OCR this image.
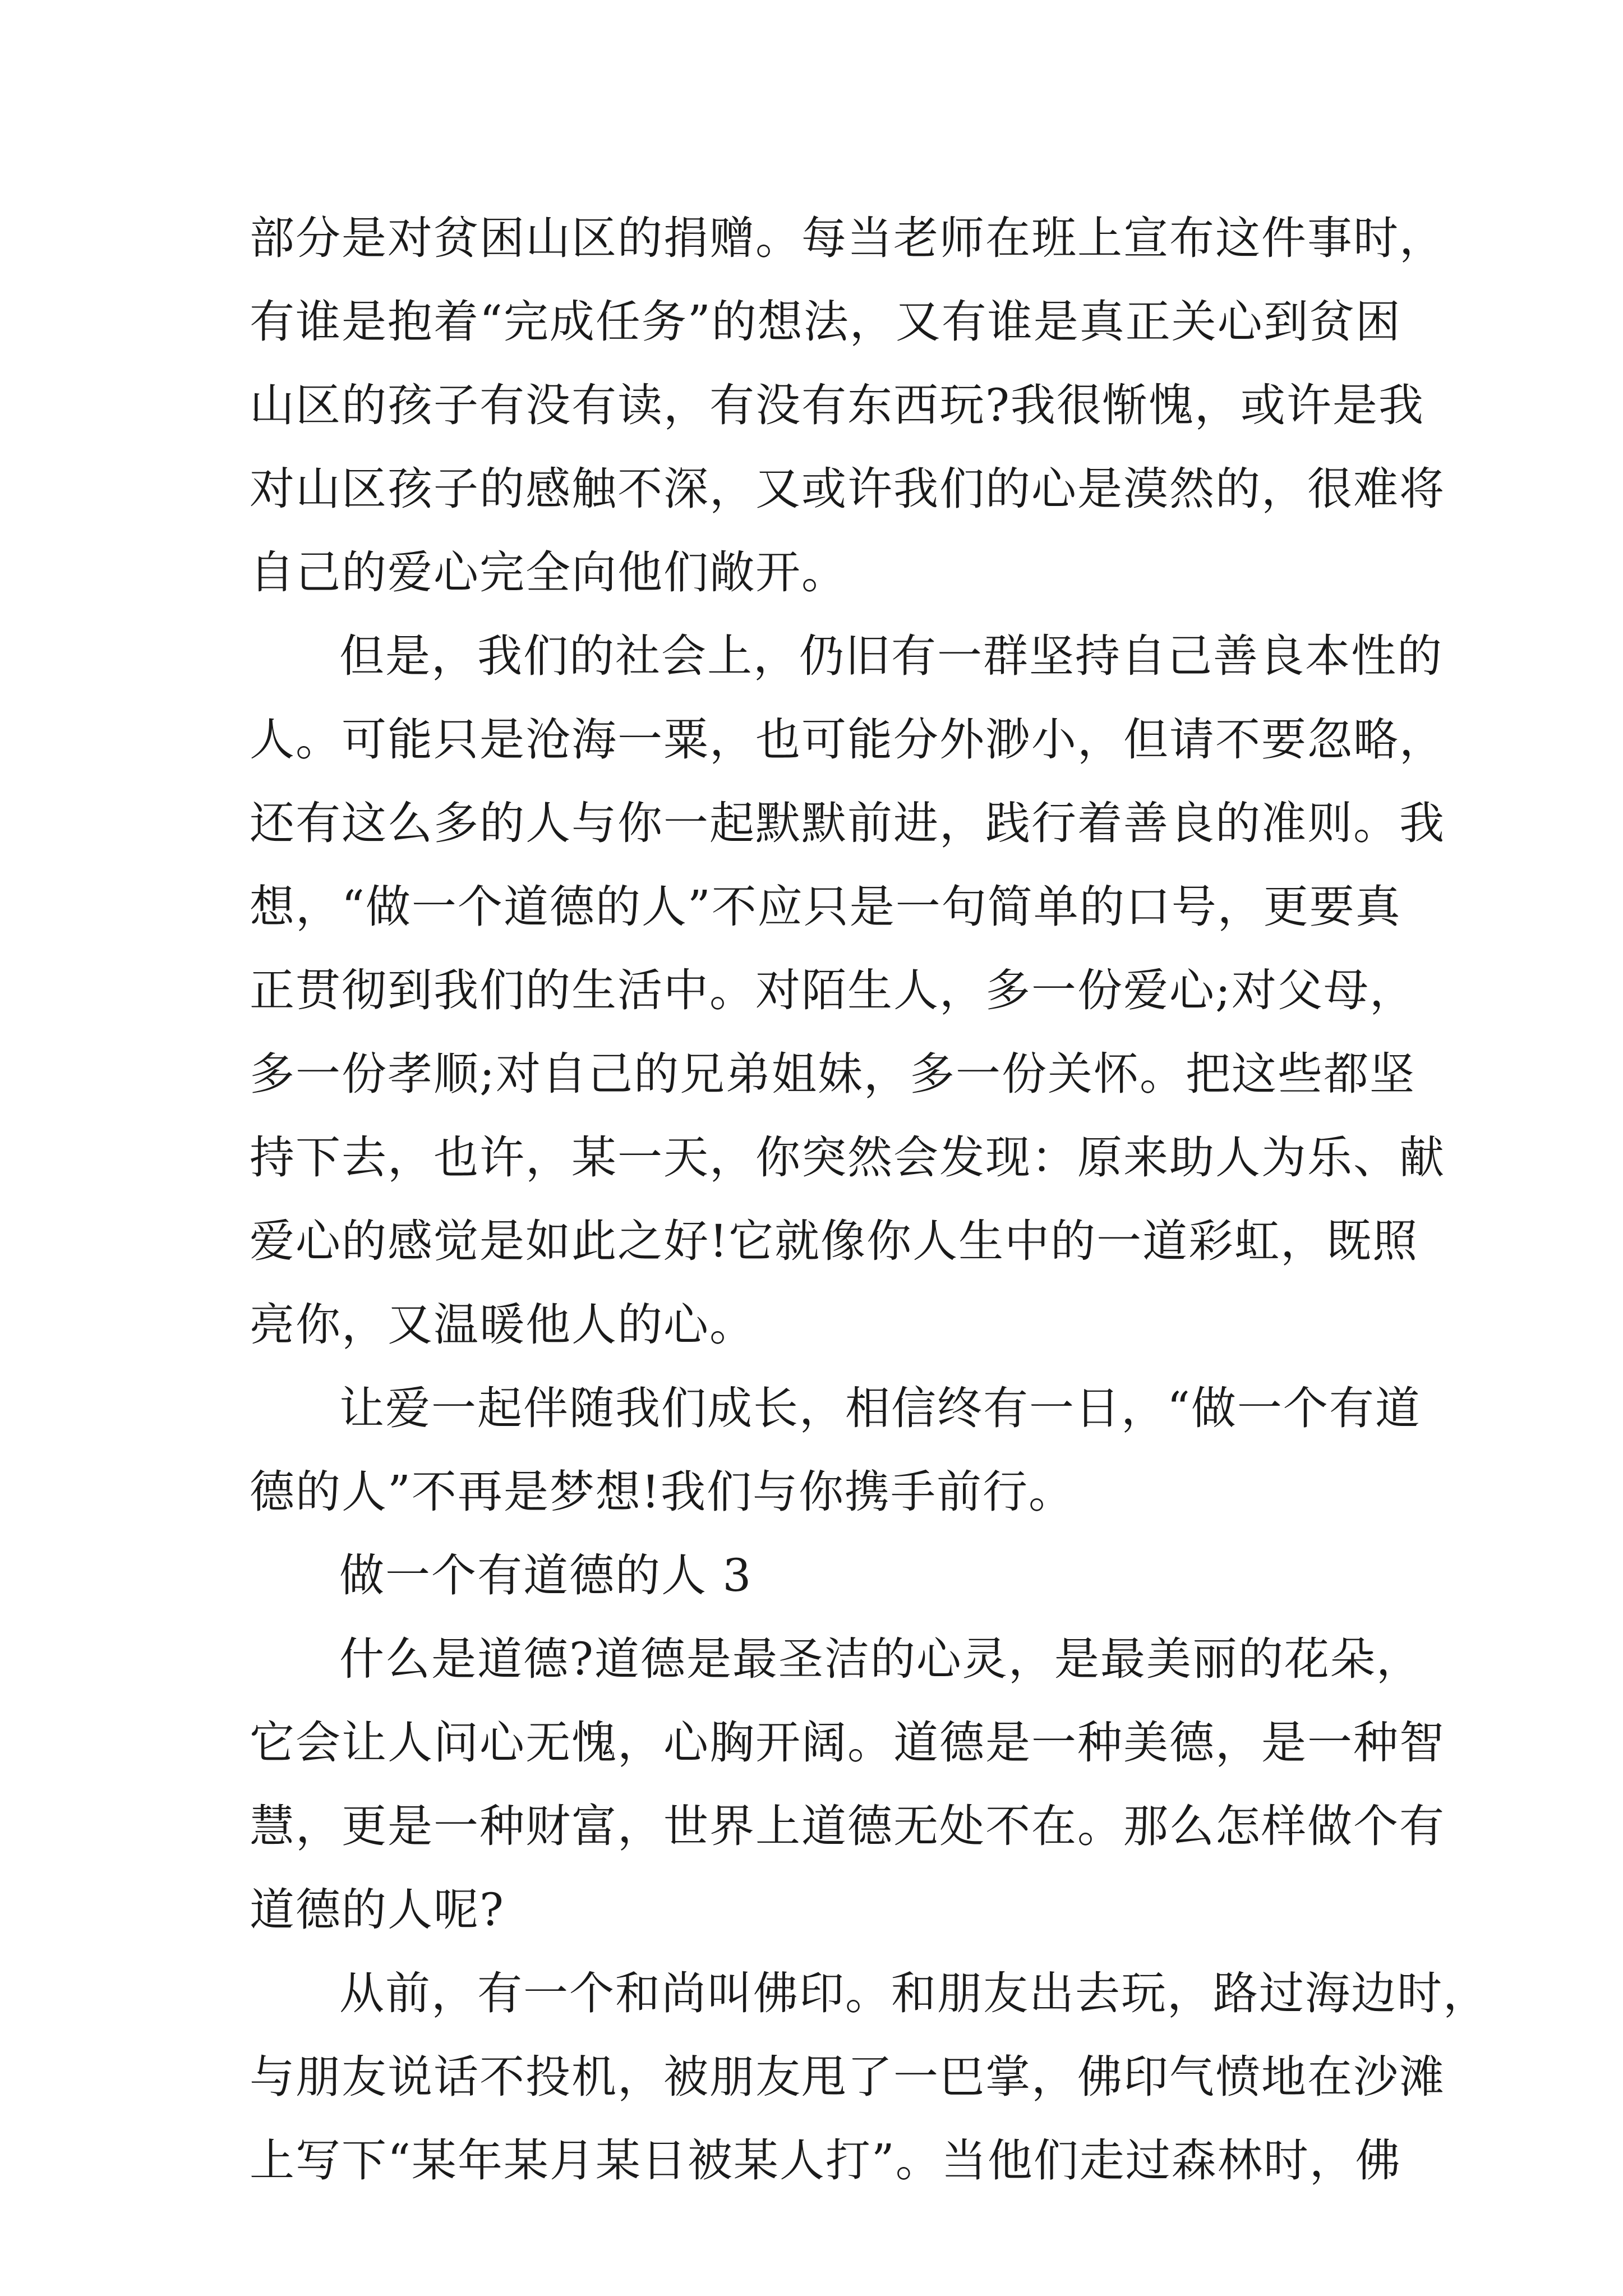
部分是对贫困山区的捐赠。每当老师在班上宣布这件事时，
有谁是抱着“完成任务”的想法，又有谁是真正关心到贫困
山区的孩子有没有读，有没有东西玩?我很惭愧，或许是我
对山区孩子的感触不深，又或许我们的心是漠然的，很难将
自己的爱心完全向他们敞开。
但是，我们的社会上，仍旧有一群坚持自己善良本性的
人。可能只是沧海一粟，也可能分外渺小，但请不要忽略，
还有这么多的人与你一起默默前进，践行着善良的准则。我
想，“做一个道德的人”不应只是一句简单的口号，更要真
正贯彻到我们的生活中。对陌生人，多一份爱心;对父母，
多一份孝顺;对自己的兄弟姐妹，多一份关怀。把这些都坚
持下去，也许，某一天，你突然会发现：原来助人为乐、献
爱心的感觉是如此之好!它就像你人生中的一道彩虹，既照
亮你，又温暖他人的心。
让爱一起伴随我们成长，相信终有一日，“做一个有道
德的人”不再是梦想!我们与你携手前行。
做一个有道德的人 3
什么是道德?道德是最圣洁的心灵，是最美丽的花朵，
它会让人问心无愧，心胸开阔。道德是一种美德，是一种智
慧，更是一种财富，世界上道德无处不在。那么怎样做个有
道德的人呢?
从前，有一个和尚叫佛印。和朋友出去玩，路过海边时，
与朋友说话不投机，被朋友甩了一巴掌，佛印气愤地在沙滩
上写下“某年某月某日被某人打”。当他们走过森林时，佛
